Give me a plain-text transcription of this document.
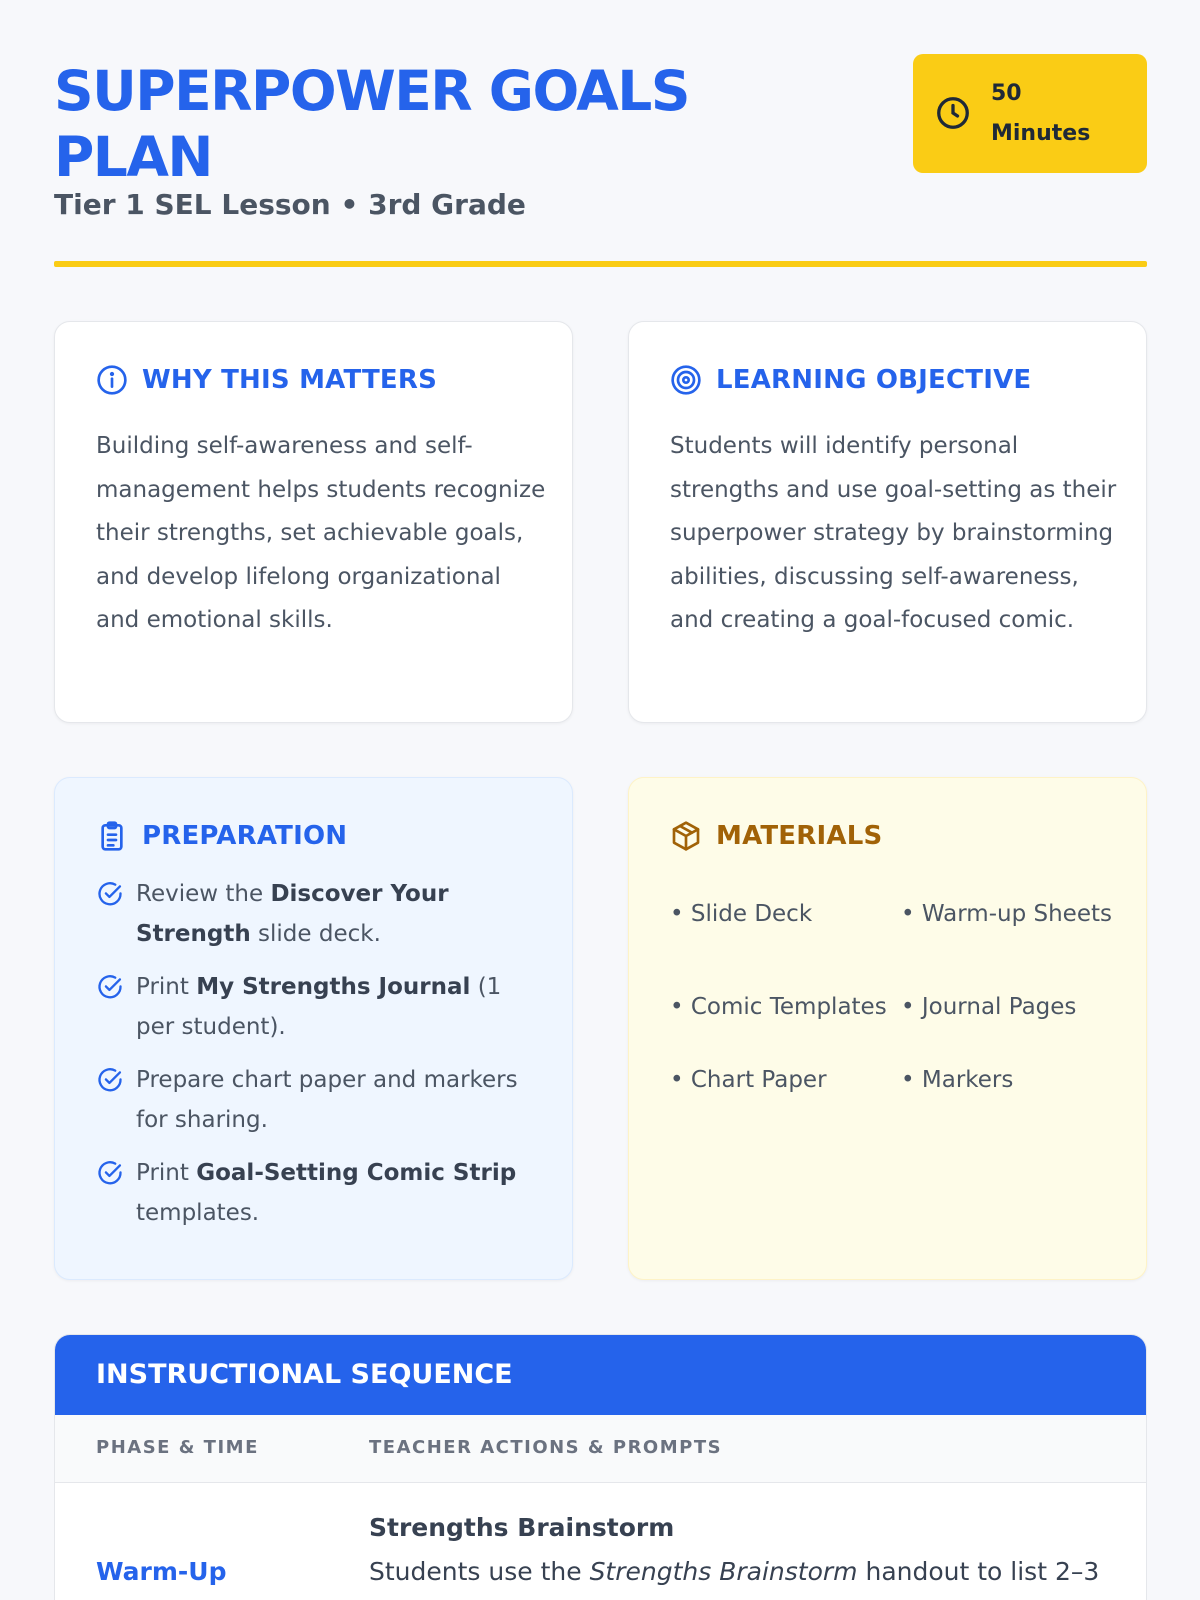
SUPERPOWER GOALS PLAN
Tier 1 SEL Lesson • 3rd Grade
50
Minutes
WHY THIS MATTERS
Building self-awareness and self-management helps students recognize their strengths, set achievable goals, and develop lifelong organizational and emotional skills.
LEARNING OBJECTIVE
Students will identify personal strengths and use goal-setting as their superpower strategy by brainstorming abilities, discussing self-awareness, and creating a goal-focused comic.
PREPARATION
Review the Discover Your Strength slide deck.
Print My Strengths Journal (1 per student).
Prepare chart paper and markers for sharing.
Print Goal-Setting Comic Strip templates.
MATERIALS
• Slide Deck	• Warm-up Sheets
• Comic Templates • Journal Pages
• Chart Paper	• Markers
INSTRUCTIONAL SEQUENCE
PHASE & TIME	TEACHER ACTIONS & PROMPTS
Warm-Up
Strengths Brainstorm
Students use the Strengths Brainstorm handout to list 2–3
